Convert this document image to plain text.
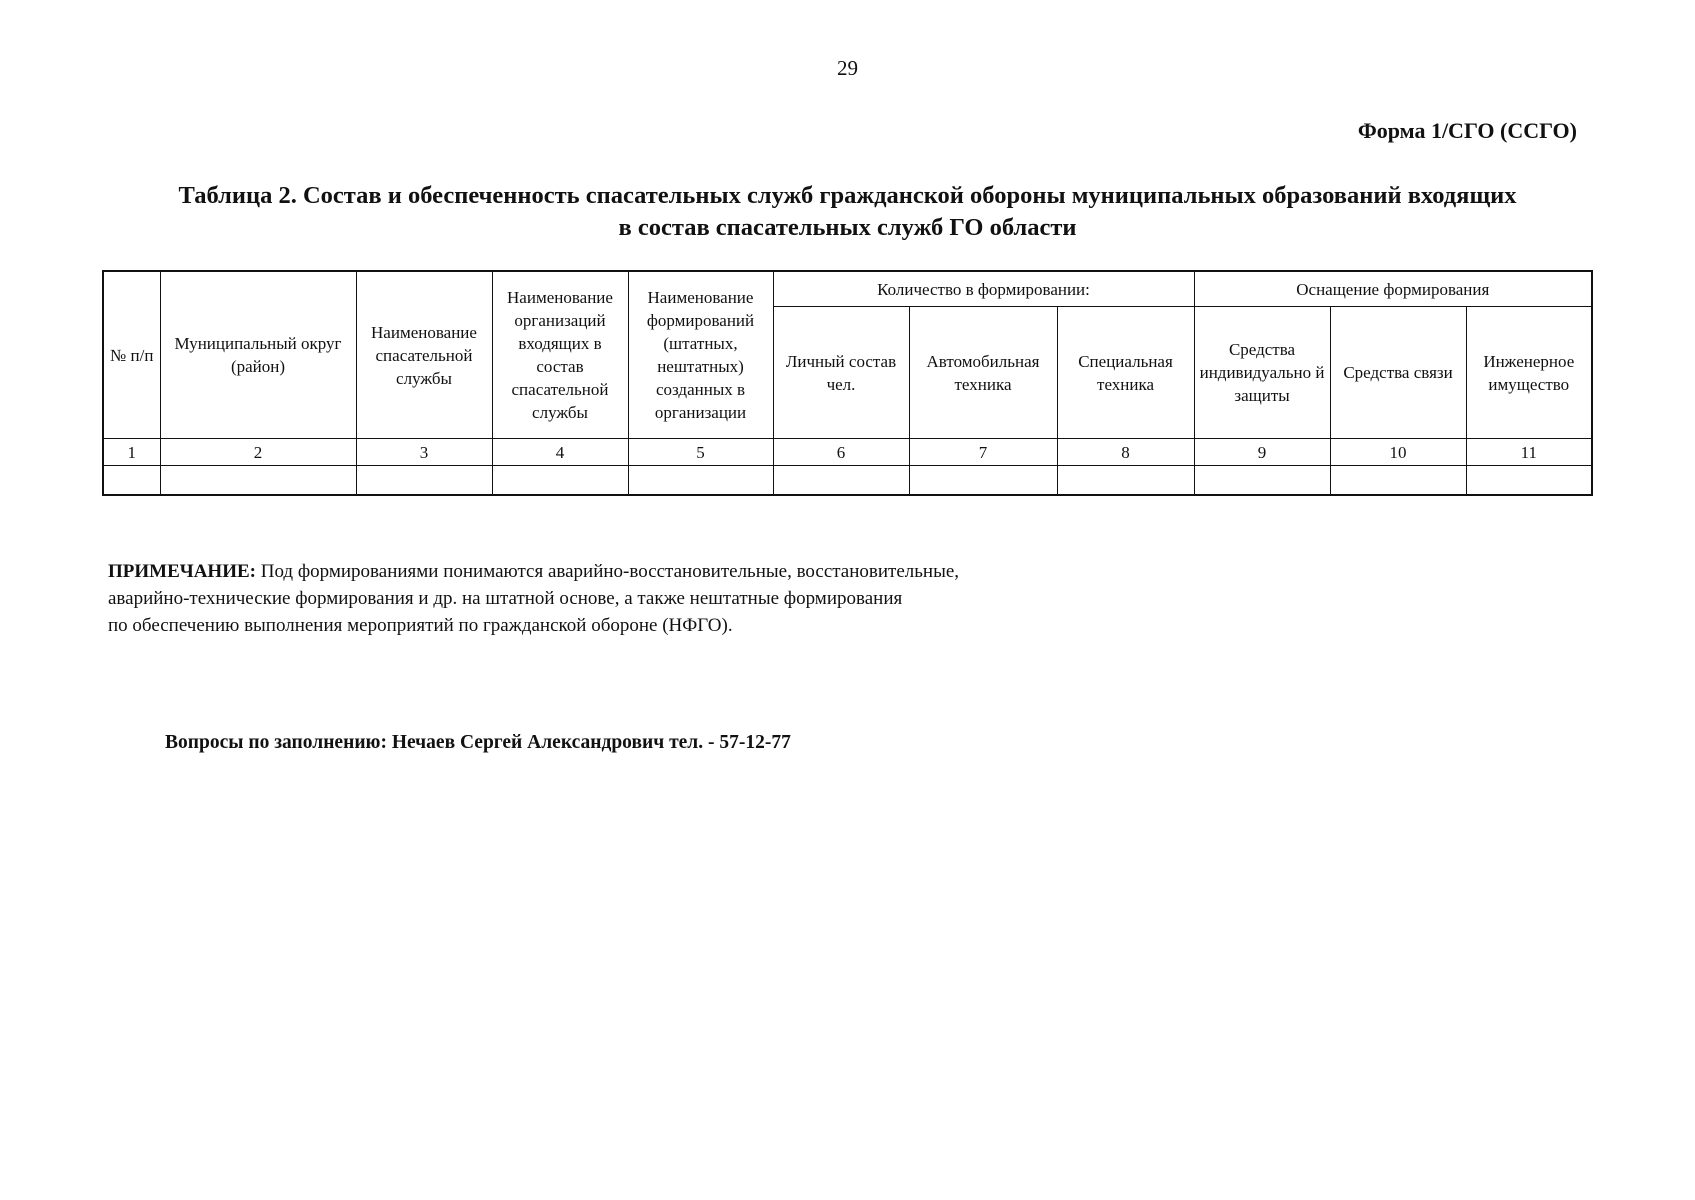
29
Форма 1/СГО (ССГО)
Таблица 2. Состав и обеспеченность спасательных служб гражданской обороны муниципальных образований входящих
в состав спасательных служб ГО области
№ п/п	Муниципальный округ (район)	Наименование спасательной службы	Наименование организаций входящих в состав спасательной службы	Наименование формирований (штатных, нештатных) созданных в организации	Количество в формировании:			Оснащение формирования		
					Личный состав чел.	Автомобильная техника	Специальная техника	Средства индивидуально й защиты	Средства связи	Инженерное имущество
1	2	3	4	5	6	7	8	9	10	11

ПРИМЕЧАНИЕ: Под формированиями понимаются аварийно-восстановительные, восстановительные,
аварийно-технические формирования и др. на штатной основе, а также нештатные формирования
по обеспечению выполнения мероприятий по гражданской обороне (НФГО).
Вопросы по заполнению: Нечаев Сергей Александрович тел. - 57-12-77
